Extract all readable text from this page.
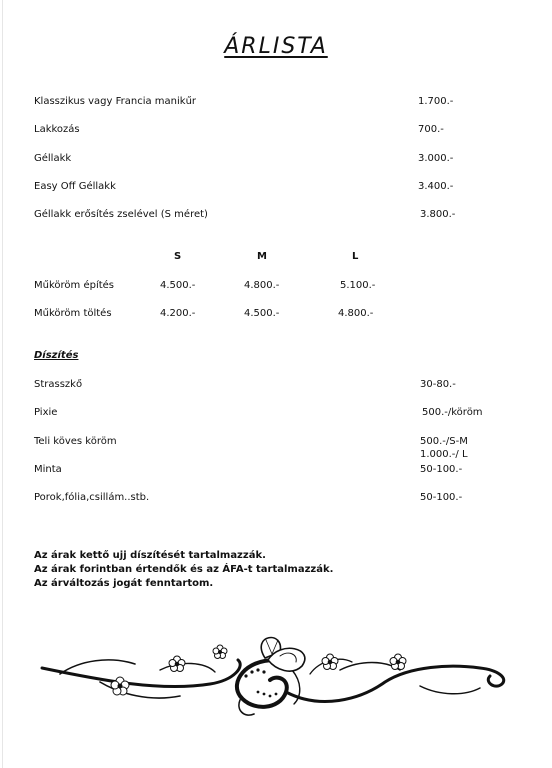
ÁRLISTA
Klasszikus vagy Francia manikűr	1.700.-
Lakkozás	700.-
Géllakk	3.000.-
Easy Off Géllakk	3.400.-
Géllakk erősítés zselével (S méret)	3.800.-
S	M	L
Műköröm építés	4.500.-	4.800.-	5.100.-
Műköröm töltés	4.200.-	4.500.-	4.800.-
Díszítés
Strasszkő	30-80.-
Pixie	500.-/köröm
Teli köves köröm	500.-/S-M
1.000.-/ L
Minta	50-100.-
Porok,fólia,csillám..stb.	50-100.-
Az árak kettő ujj díszítését tartalmazzák.
Az árak forintban értendők és az ÁFA-t tartalmazzák.
Az árváltozás jogát fenntartom.
